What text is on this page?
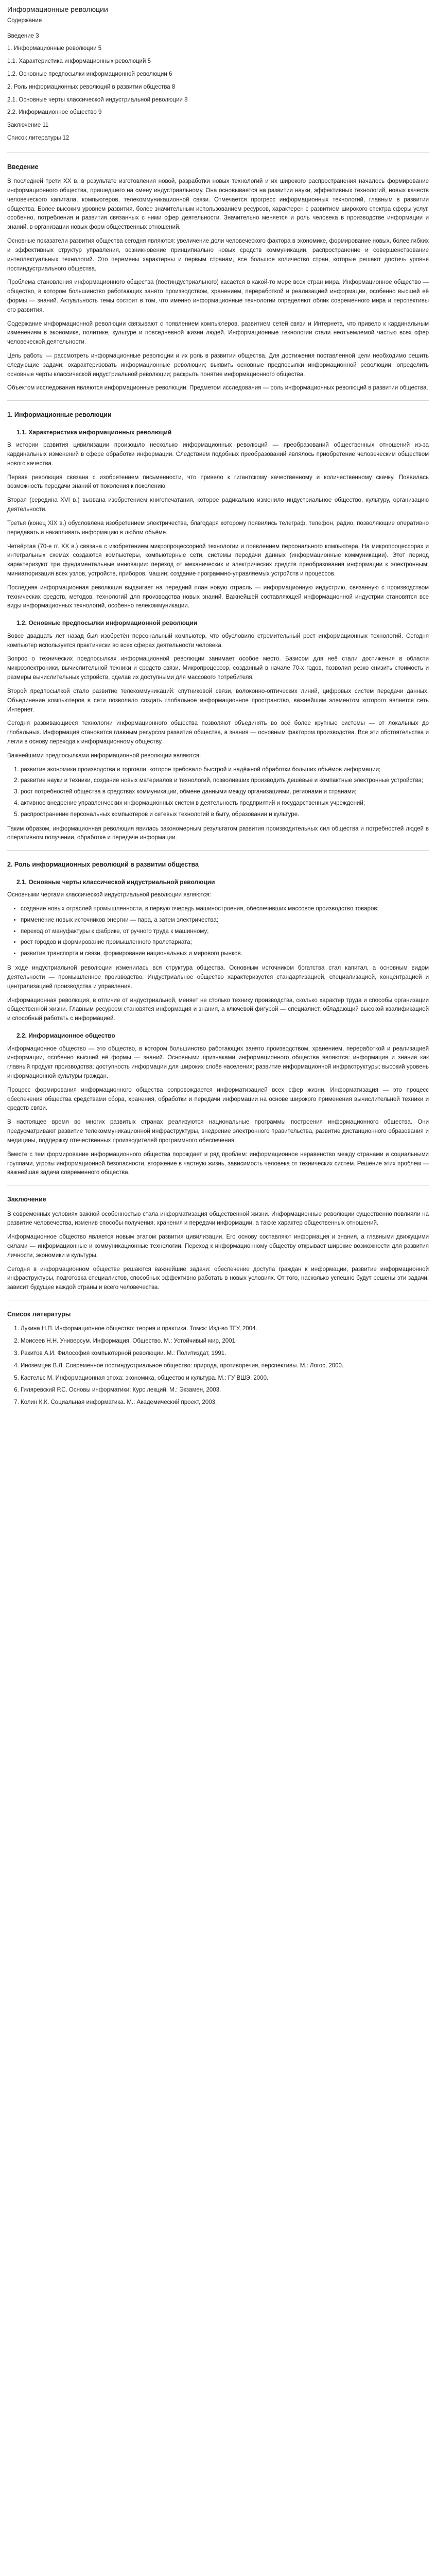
Информационные революции
Содержание
Введение 3
1. Информационные революции 5
1.1. Характеристика информационных революций 5
1.2. Основные предпосылки информационной революции 6
2. Роль информационных революций в развитии общества 8
2.1. Основные черты классической индустриальной революции 8
2.2. Информационное общество 9
Заключение 11
Список литературы 12
Введение

В последней трети XX в. в результате изготовления новой, разработки новых технологий и их широкого распространения началось формирование информационного общества, пришедшего на смену индустриальному. Она основывается на развитии науки, эффективных технологий, новых качеств человеческого капитала, компьютеров, телекоммуникационной связи. Отмечается прогресс информационных технологий, главным в развитии общества. Более высоким уровнем развития, более значительным использованием ресурсов, характерен с развитием широкого спектра сферы услуг, особенно, потребления и развития связанных с ними сфер деятельности. Значительно меняется и роль человека в производстве информации и знаний, в организации новых форм общественных отношений.

Основные показатели развития общества сегодня являются: увеличение доли человеческого фактора в экономике, формирование новых, более гибких и эффективных структур управления, возникновение принципиально новых средств коммуникации, распространение и совершенствование интеллектуальных технологий. Это перемены характерны и первым странам, все большое количество стран, которые решают достичь уровня постиндустриального общества.

Проблема становления информационного общества (постиндустриального) касается в какой-то мере всех стран мира. Информационное общество — общество, в котором большинство работающих занято производством, хранением, переработкой и реализацией информации, особенно высшей её формы — знаний. Актуальность темы состоит в том, что именно информационные технологии определяют облик современного мира и перспективы его развития.

Содержание информационной революции связывают с появлением компьютеров, развитием сетей связи и Интернета, что привело к кардинальным изменениям в экономике, политике, культуре и повседневной жизни людей. Информационные технологии стали неотъемлемой частью всех сфер человеческой деятельности.

Цель работы — рассмотреть информационные революции и их роль в развитии общества. Для достижения поставленной цели необходимо решить следующие задачи: охарактеризовать информационные революции; выявить основные предпосылки информационной революции; определить основные черты классической индустриальной революции; раскрыть понятие информационного общества.

Объектом исследования являются информационные революции. Предметом исследования — роль информационных революций в развитии общества.

1. Информационные революции
1.1. Характеристика информационных революций

В истории развития цивилизации произошло несколько информационных революций — преобразований общественных отношений из-за кардинальных изменений в сфере обработки информации. Следствием подобных преобразований являлось приобретение человеческим обществом нового качества.

Первая революция связана с изобретением письменности, что привело к гигантскому качественному и количественному скачку. Появилась возможность передачи знаний от поколения к поколению.

Вторая (середина XVI в.) вызвана изобретением книгопечатания, которое радикально изменило индустриальное общество, культуру, организацию деятельности.

Третья (конец XIX в.) обусловлена изобретением электричества, благодаря которому появились телеграф, телефон, радио, позволяющие оперативно передавать и накапливать информацию в любом объёме.

Четвёртая (70-е гг. XX в.) связана с изобретением микропроцессорной технологии и появлением персонального компьютера. На микропроцессорах и интегральных схемах создаются компьютеры, компьютерные сети, системы передачи данных (информационные коммуникации). Этот период характеризуют три фундаментальные инновации: переход от механических и электрических средств преобразования информации к электронным; миниатюризация всех узлов, устройств, приборов, машин; создание программно-управляемых устройств и процессов.

Последняя информационная революция выдвигает на передний план новую отрасль — информационную индустрию, связанную с производством технических средств, методов, технологий для производства новых знаний. Важнейшей составляющей информационной индустрии становятся все виды информационных технологий, особенно телекоммуникации.

1.2. Основные предпосылки информационной революции

Вовсе двадцать лет назад был изобретён персональный компьютер, что обусловило стремительный рост информационных технологий. Сегодня компьютер используется практически во всех сферах деятельности человека.

Вопрос о технических предпосылках информационной революции занимает особое место. Базисом для неё стали достижения в области микроэлектроники, вычислительной техники и средств связи. Микропроцессор, созданный в начале 70-х годов, позволил резко снизить стоимость и размеры вычислительных устройств, сделав их доступными для массового потребителя.

Второй предпосылкой стало развитие телекоммуникаций: спутниковой связи, волоконно-оптических линий, цифровых систем передачи данных. Объединение компьютеров в сети позволило создать глобальное информационное пространство, важнейшим элементом которого является сеть Интернет.

Сегодня развивающиеся технологии информационного общества позволяют объединять во всё более крупные системы — от локальных до глобальных. Информация становится главным ресурсом развития общества, а знания — основным фактором производства. Все эти обстоятельства и легли в основу перехода к информационному обществу.

Важнейшими предпосылками информационной революции являются:

1. развитие экономики производства и торговли, которое требовало быстрой и надёжной обработки больших объёмов информации;
2. развитие науки и техники, создание новых материалов и технологий, позволивших производить дешёвые и компактные электронные устройства;
3. рост потребностей общества в средствах коммуникации, обмене данными между организациями, регионами и странами;
4. активное внедрение управленческих информационных систем в деятельность предприятий и государственных учреждений;
5. распространение персональных компьютеров и сетевых технологий в быту, образовании и культуре.

Таким образом, информационная революция явилась закономерным результатом развития производительных сил общества и потребностей людей в оперативном получении, обработке и передаче информации.

2. Роль информационных революций в развитии общества
2.1. Основные черты классической индустриальной революции

Основными чертами классической индустриальной революции являются:

• создание новых отраслей промышленности, в первую очередь машиностроения, обеспечивших массовое производство товаров;
• применение новых источников энергии — пара, а затем электричества;
• переход от мануфактуры к фабрике, от ручного труда к машинному;
• рост городов и формирование промышленного пролетариата;
• развитие транспорта и связи, формирование национальных и мирового рынков.

В ходе индустриальной революции изменилась вся структура общества. Основным источником богатства стал капитал, а основным видом деятельности — промышленное производство. Индустриальное общество характеризуется стандартизацией, специализацией, концентрацией и централизацией производства и управления.

Информационная революция, в отличие от индустриальной, меняет не столько технику производства, сколько характер труда и способы организации общественной жизни. Главным ресурсом становятся информация и знания, а ключевой фигурой — специалист, обладающий высокой квалификацией и способный работать с информацией.

2.2. Информационное общество

Информационное общество — это общество, в котором большинство работающих занято производством, хранением, переработкой и реализацией информации, особенно высшей её формы — знаний. Основными признаками информационного общества являются: информация и знания как главный продукт производства; доступность информации для широких слоёв населения; развитие информационной инфраструктуры; высокий уровень информационной культуры граждан.

Процесс формирования информационного общества сопровождается информатизацией всех сфер жизни. Информатизация — это процесс обеспечения общества средствами сбора, хранения, обработки и передачи информации на основе широкого применения вычислительной техники и средств связи.

В настоящее время во многих развитых странах реализуются национальные программы построения информационного общества. Они предусматривают развитие телекоммуникационной инфраструктуры, внедрение электронного правительства, развитие дистанционного образования и медицины, поддержку отечественных производителей программного обеспечения.

Вместе с тем формирование информационного общества порождает и ряд проблем: информационное неравенство между странами и социальными группами, угрозы информационной безопасности, вторжение в частную жизнь, зависимость человека от технических систем. Решение этих проблем — важнейшая задача современного общества.

Заключение

В современных условиях важной особенностью стала информатизация общественной жизни. Информационные революции существенно повлияли на развитие человечества, изменив способы получения, хранения и передачи информации, а также характер общественных отношений.

Информационное общество является новым этапом развития цивилизации. Его основу составляют информация и знания, а главными движущими силами — информационные и коммуникационные технологии. Переход к информационному обществу открывает широкие возможности для развития личности, экономики и культуры.

Сегодня в информационном обществе решаются важнейшие задачи: обеспечение доступа граждан к информации, развитие информационной инфраструктуры, подготовка специалистов, способных эффективно работать в новых условиях. От того, насколько успешно будут решены эти задачи, зависит будущее каждой страны и всего человечества.

Список литературы
1. Лукина Н.П. Информационное общество: теория и практика. Томск: Изд-во ТГУ, 2004.
2. Моисеев Н.Н. Универсум. Информация. Общество. М.: Устойчивый мир, 2001.
3. Ракитов А.И. Философия компьютерной революции. М.: Политиздат, 1991.
4. Иноземцев В.Л. Современное постиндустриальное общество: природа, противоречия, перспективы. М.: Логос, 2000.
5. Кастельс М. Информационная эпоха: экономика, общество и культура. М.: ГУ ВШЭ, 2000.
6. Гиляревский Р.С. Основы информатики: Курс лекций. М.: Экзамен, 2003.
7. Колин К.К. Социальная информатика. М.: Академический проект, 2003.
